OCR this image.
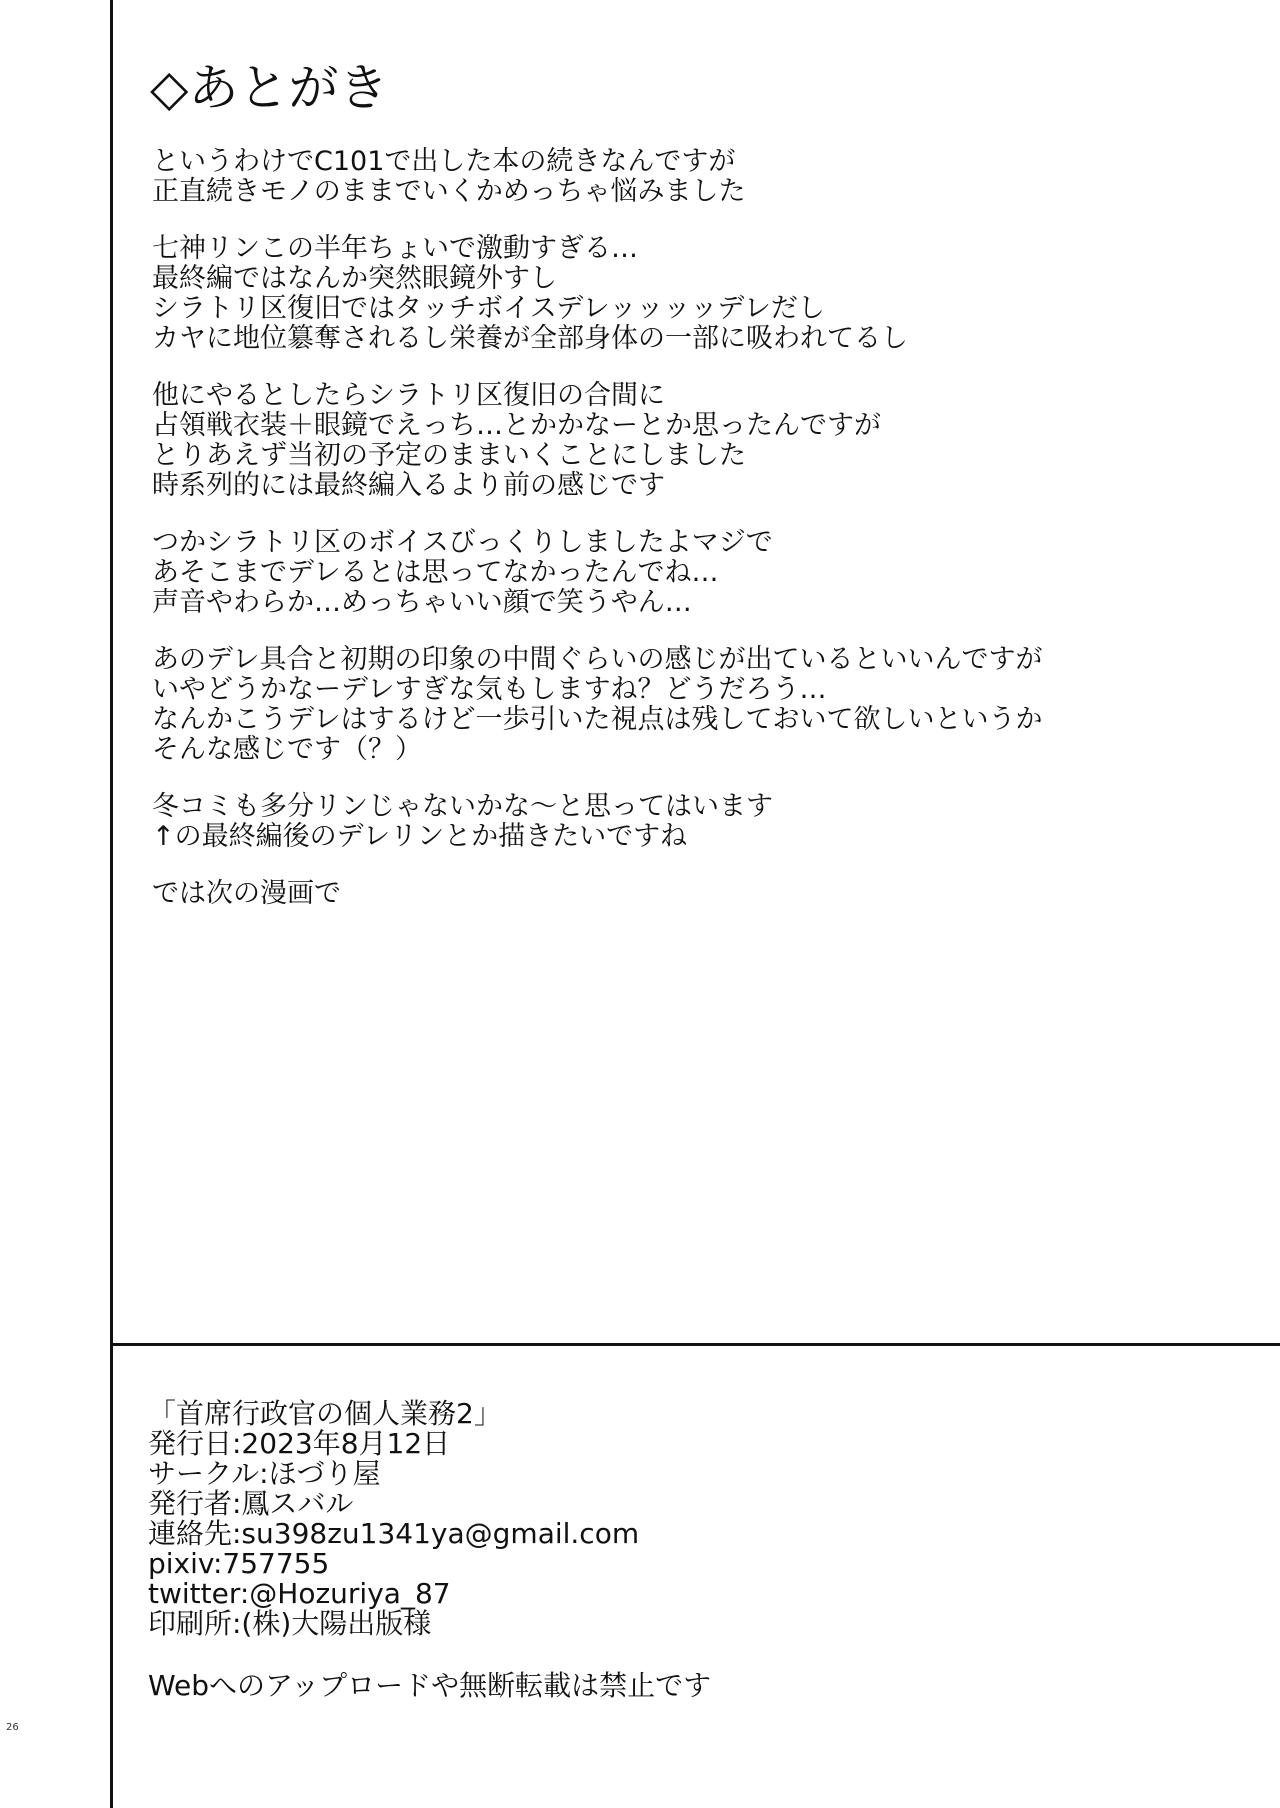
◇あとがき
というわけでC101で出した本の続きなんですが
正直続きモノのままでいくかめっちゃ悩みました
七神リンこの半年ちょいで激動すぎる…
最終編ではなんか突然眼鏡外すし
シラトリ区復旧ではタッチボイスデレッッッッデレだし
カヤに地位簒奪されるし栄養が全部身体の一部に吸われてるし
他にやるとしたらシラトリ区復旧の合間に
占領戦衣装＋眼鏡でえっち…とかかなーとか思ったんですが
とりあえず当初の予定のままいくことにしました
時系列的には最終編入るより前の感じです
つかシラトリ区のボイスびっくりしましたよマジで
あそこまでデレるとは思ってなかったんでね…
声音やわらか…めっちゃいい顔で笑うやん…
あのデレ具合と初期の印象の中間ぐらいの感じが出ているといいんですが
いやどうかなーデレすぎな気もしますね？どうだろう…
なんかこうデレはするけど一歩引いた視点は残しておいて欲しいというか
そんな感じです（？）
冬コミも多分リンじゃないかな～と思ってはいます
↑の最終編後のデレリンとか描きたいですね
では次の漫画で
「首席行政官の個人業務2」
発行日:2023年8月12日
サークル:ほづり屋
発行者:鳳スバル
連絡先:su398zu1341ya@gmail.com
pixiv:757755
twitter:@Hozuriya_87
印刷所:(株)大陽出版様
Webへのアップロードや無断転載は禁止です
26
